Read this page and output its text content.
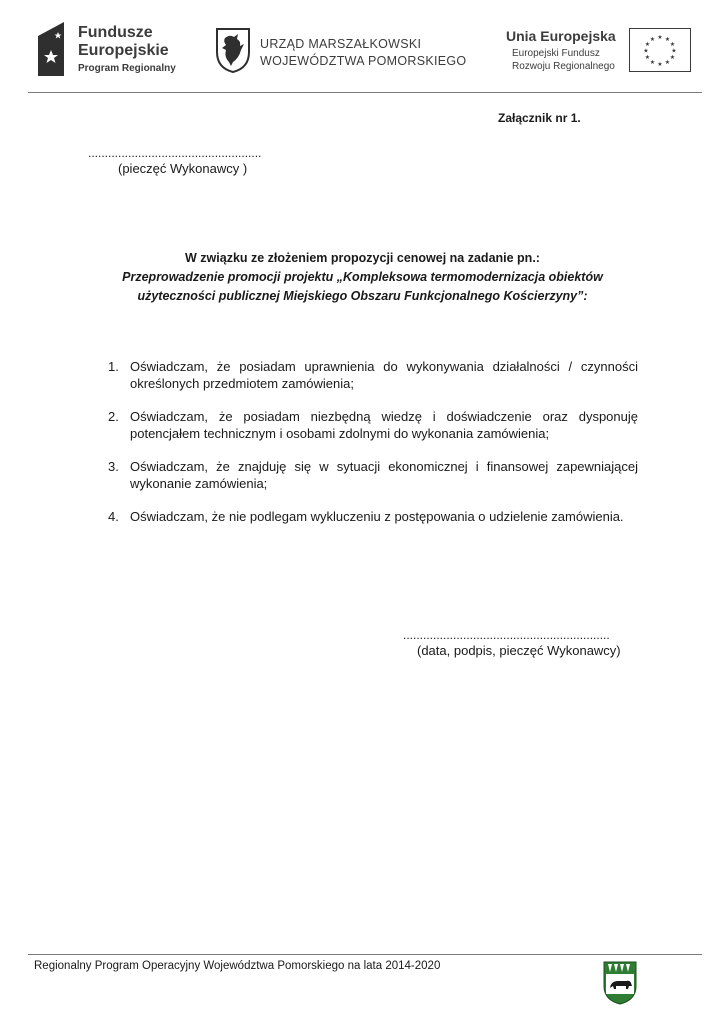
Fundusze
Europejskie
Program Regionalny
URZĄD MARSZAŁKOWSKI
WOJEWÓDZTWA POMORSKIEGO
Unia Europejska
Europejski Fundusz
Rozwoju Regionalnego
★ ★
★
★
★
★
★
★
★
★
★
★
Załącznik nr 1.
....................................................
(pieczęć Wykonawcy )
W związku ze złożeniem propozycji cenowej na zadanie pn.:
Przeprowadzenie promocji projektu „Kompleksowa termomodernizacja obiektów
użyteczności publicznej Miejskiego Obszaru Funkcjonalnego Kościerzyny”:
1. Oświadczam, że posiadam uprawnienia do wykonywania działalności / czynności określonych przedmiotem zamówienia;
2. Oświadczam, że posiadam niezbędną wiedzę i doświadczenie oraz dysponuję potencjałem technicznym i osobami zdolnymi do wykonania zamówienia;
3. Oświadczam, że znajduję się w sytuacji ekonomicznej i finansowej zapewniającej wykonanie zamówienia;
4. Oświadczam, że nie podlegam wykluczeniu z postępowania o udzielenie zamówienia.
..............................................................
(data, podpis, pieczęć Wykonawcy)
Regionalny Program Operacyjny Województwa Pomorskiego na lata 2014-2020
